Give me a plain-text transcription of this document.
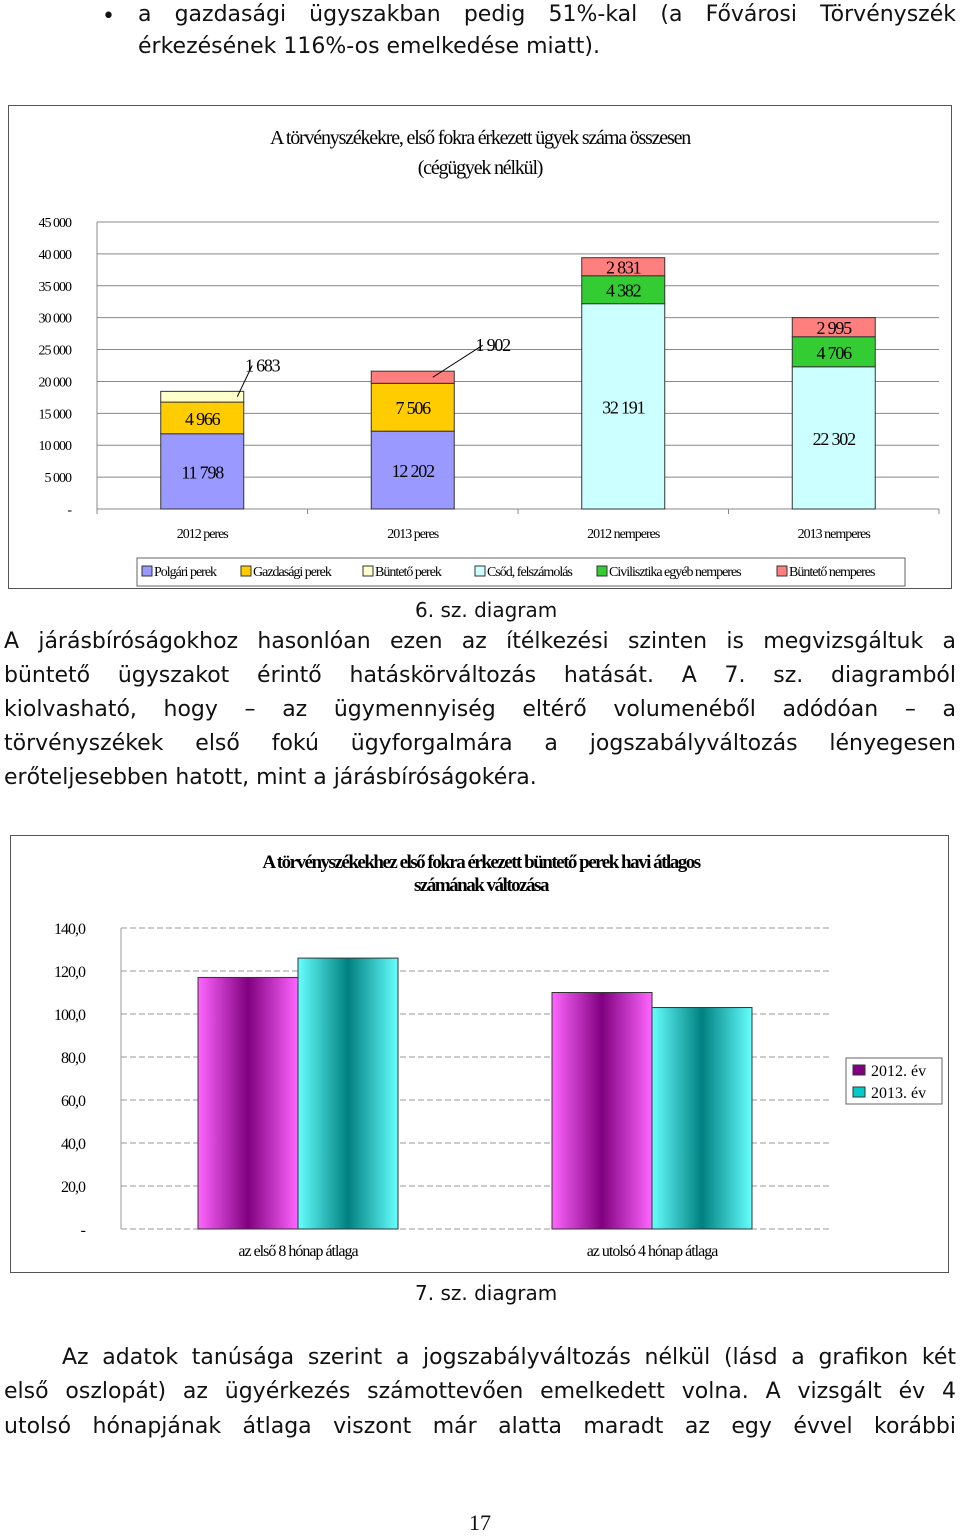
• a gazdasági ügyszakban pedig 51%-kal (a Fővárosi Törvényszék
érkezésének 116%-os emelkedése miatt).
A törvényszékekre, első fokra érkezett ügyek száma összesen
(cégügyek nélkül)
45 000
40 000
35 000
30 000
25 000
20 000
15 000
10 000
5 000
-
2012 peres
11 798
4 966
1 683
2013 peres
12 202
7 506
1 902
2012 nemperes
32 191
4 382
2 831
2013 nemperes
22 302
4 706
2 995
Polgári perek	Gazdasági perek	Büntető perek	Csőd, felszámolás	Civilisztika egyéb nemperes	Büntető nemperes
6. sz. diagram
A járásbíróságokhoz hasonlóan ezen az ítélkezési szinten is megvizsgáltuk a
büntető ügyszakot érintő hatáskörváltozás hatását. A 7. sz. diagramból
kiolvasható, hogy – az ügymennyiség eltérő volumenéből adódóan – a
törvényszékek első fokú ügyforgalmára a jogszabályváltozás lényegesen
erőteljesebben hatott, mint a járásbíróságokéra.
A törvényszékekhez első fokra érkezett büntető perek havi átlagos
számának változása
140,0
120,0
100,0
80,0
60,0
40,0
20,0
-
az első 8 hónap átlaga	az utolsó 4 hónap átlaga
2012. év
2013. év
7. sz. diagram
Az adatok tanúsága szerint a jogszabályváltozás nélkül (lásd a grafikon két
első oszlopát) az ügyérkezés számottevően emelkedett volna. A vizsgált év 4
utolsó hónapjának átlaga viszont már alatta maradt az egy évvel korábbi
17
